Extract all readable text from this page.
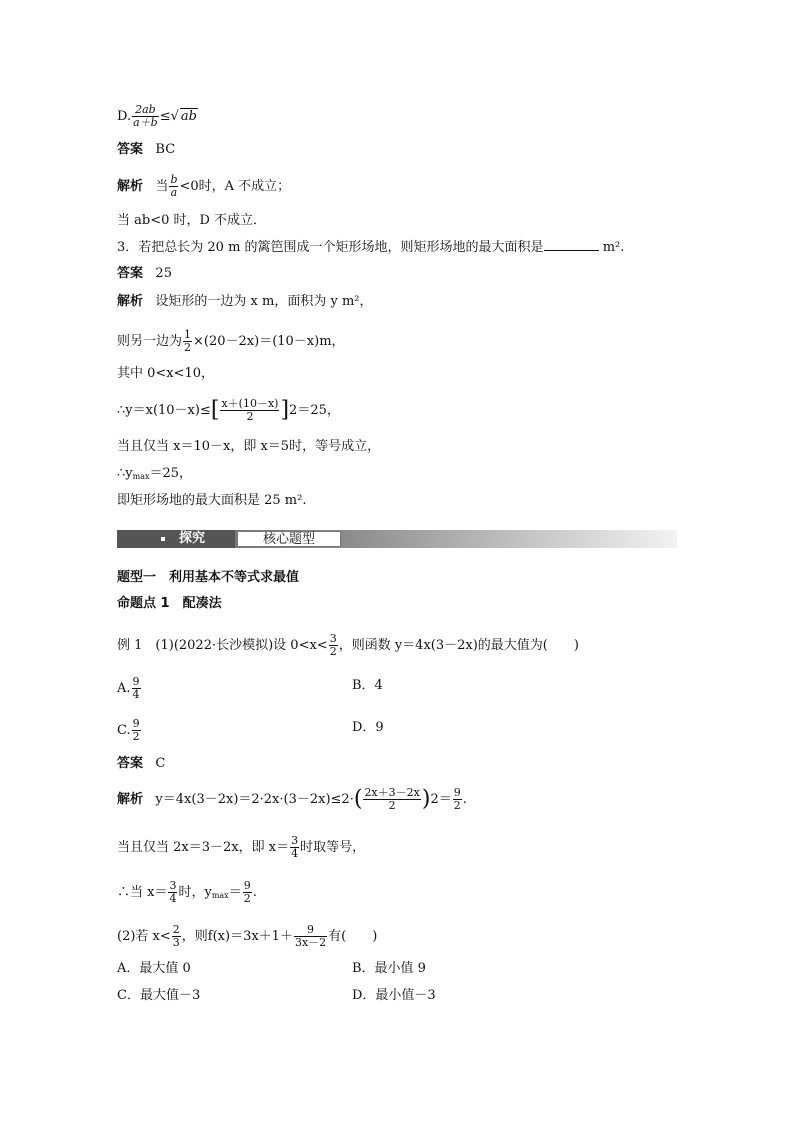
D. $\frac{2ab}{a+b}$ ≤√ ab
答案 BC
解析 当 $\frac{b}{a} <0$时，A 不成立；
当 ab<0 时，D 不成立．
3．若把总长为 20 m 的篱笆围成一个矩形场地，则矩形场地的最大面积是	m².
答案 25
解析 设矩形的一边为 x m，面积为 y m²，
则另一边为 $\frac{1}{2} \times(20-2x)=(10-x)m$，
其中 0<x<10，
∴y＝x(10－x)≤[ $\frac{x+(10-x)}{2} ]2=25$，
当且仅当 x＝10－x，即 x＝5时，等号成立，
$\therefore y_{max}=25$，
即矩形场地的最大面积是 25 m².
探究	核心题型
题型一　利用基本不等式求最值
命题点 1　配凑法
例 1　(1)(2022·长沙模拟)设 $0<x< \frac{3}{2}$ ，则函数 y＝4x(3－2x)的最大值为(　　)
A. $\frac{9}{4}$	B．4
C. $\frac{9}{2}$	D．9
答案 C
解析 $y=4x(3-2x)=2\cdot 2x\cdot(3-2x)\le 2\cdot( \frac{2x+3-2x}{2} )2= \frac{9}{2}$ .
当且仅当 2x＝3－2x，即 $x= \frac{3}{4}$ 时取等号，
∴当 $x= \frac{3}{4}$ 时，$y_{max}= \frac{9}{2}$ .
(2)若 $x< \frac{2}{3}$ ，则$f(x)=3x+1+ \frac{9}{3x-2}$ 有(　　)
A．最大值 0	B．最小值 9
C．最大值－3	D．最小值－3
